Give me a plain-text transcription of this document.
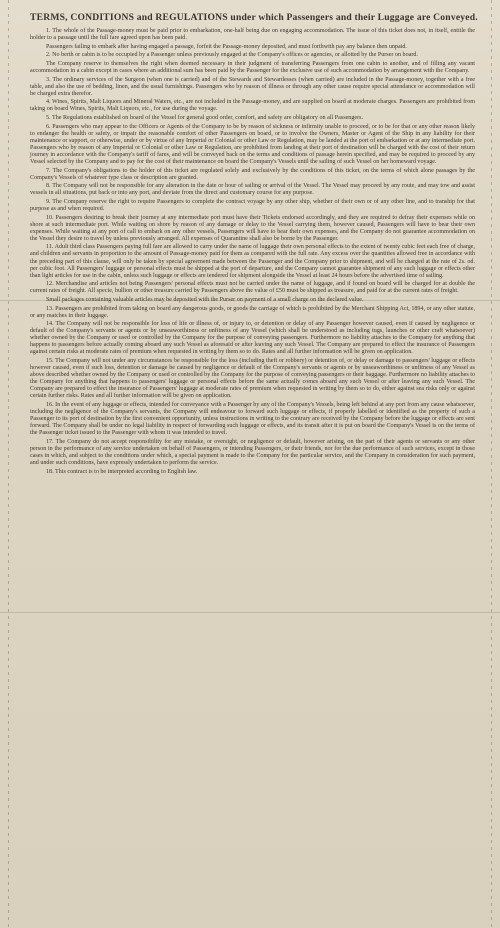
TERMS, CONDITIONS and REGULATIONS under which Passengers and their Luggage are Conveyed.

1. The whole of the Passage-money must be paid prior to embarkation, one-half being due on engaging accommodation. The issue of this ticket does not, in itself, entitle the holder to a passage until the full fare agreed upon has been paid.

Passengers failing to embark after having engaged a passage, forfeit the Passage-money deposited, and must forthwith pay any balance then unpaid.

2. No berth or cabin is to be occupied by a Passenger unless previously engaged at the Company's offices or agencies, or allotted by the Purser on board.

The Company reserve to themselves the right when deemed necessary in their judgment of transferring Passengers from one cabin to another, and of filling any vacant accommodation in a cabin except in cases where an additional sum has been paid by the Passenger for the exclusive use of such accommodation by arrangement with the Company.

3. The ordinary services of the Surgeon (when one is carried) and of the Stewards and Stewardesses (when carried) are included in the Passage-money, together with a free table, and also the use of bedding, linen, and the usual furnishings. Passengers who by reason of illness or through any other cause require special attendance or accommodation will be charged extra therefor.

4. Wines, Spirits, Malt Liquors and Mineral Waters, etc., are not included in the Passage-money, and are supplied on board at moderate charges. Passengers are prohibited from taking on board Wines, Spirits, Malt Liquors, etc., for use during the voyage.

5. The Regulations established on board of the Vessel for general good order, comfort, and safety are obligatory on all Passengers.

6. Passengers who may appear to the Officers or Agents of the Company to be by reason of sickness or infirmity unable to proceed, or to be for that or any other reason likely to endanger the health or safety, or impair the reasonable comfort of other Passengers on board, or to involve the Owners, Master or Agent of the Ship in any liability for their maintenance or support, or otherwise, under or by virtue of any Imperial or Colonial or other Law or Regulation, may be landed at the port of embarkation or at any intermediate port. Passengers who by reason of any Imperial or Colonial or other Law or Regulation, are prohibited from landing at their port of destination will be charged with the cost of their return journey in accordance with the Company's tariff of fares, and will be conveyed back on the terms and conditions of passage herein specified, and may be required to proceed by any Vessel selected by the Company and to pay for the cost of their maintenance on board the Company's Vessels until the sailing of such Vessel on her homeward voyage.

7. The Company's obligations to the holder of this ticket are regulated solely and exclusively by the conditions of this ticket, on the terms of which alone passages by the Company's Vessels of whatever type class or description are granted.

8. The Company will not be responsible for any alteration in the date or hour of sailing or arrival of the Vessel. The Vessel may proceed by any route, and may tow and assist vessels in all situations, put back or into any port, and deviate from the direct and customary course for any purpose.

9. The Company reserve the right to require Passengers to complete the contract voyage by any other ship, whether of their own or of any other line, and to tranship for that purpose as and when required.

10. Passengers desiring to break their journey at any intermediate port must have their Tickets endorsed accordingly, and they are required to defray their expenses while on shore at such intermediate port. While waiting on shore by reason of any damage or delay to the Vessel carrying them, however caused, Passengers will have to bear their own expenses. While waiting at any port of call to embark on any other vessels, Passengers will have to bear their own expenses, and the Company do not guarantee accommodation on the Vessel they desire to travel by unless previously arranged. All expenses of Quarantine shall also be borne by the Passenger.

11. Adult third class Passengers paying full fare are allowed to carry under the name of luggage their own personal effects to the extent of twenty cubic feet each free of charge, and children and servants in proportion to the amount of Passage-money paid for them as compared with the full rate. Any excess over the quantities allowed free in accordance with the preceding part of this clause, will only be taken by special agreement made between the Passenger and the Company prior to shipment, and will be charged at the rate of 2s. od. per cubic foot. All Passengers' luggage or personal effects must be shipped at the port of departure, and the Company cannot guarantee shipment of any such luggage or effects other than light articles for use in the cabin, unless such luggage or effects are tendered for shipment alongside the Vessel at least 24 hours before the advertised time of sailing.

12. Merchandise and articles not being Passengers' personal effects must not be carried under the name of luggage, and if found on board will be charged for at double the current rates of freight. All specie, bullion or other treasure carried by Passengers above the value of £50 must be shipped as treasure, and paid for at the current rates of freight.

Small packages containing valuable articles may be deposited with the Purser on payment of a small charge on the declared value.

13. Passengers are prohibited from taking on board any dangerous goods, or goods the carriage of which is prohibited by the Merchant Shipping Act, 1894, or any other statute, or any matches in their luggage.

14. The Company will not be responsible for loss of life or illness of, or injury to, or detention or delay of any Passenger however caused, even if caused by negligence or default of the Company's servants or agents or by unseaworthiness or unfitness of any Vessel (which shall be understood as including tugs, launches or other craft whatsoever) whether owned by the Company or used or controlled by the Company for the purpose of conveying passengers. Furthermore no liability attaches to the Company for anything that happens to passengers before actually coming aboard any such Vessel as aforesaid or after leaving any such Vessel. The Company are prepared to effect the insurance of Passengers against certain risks at moderate rates of premium when requested in writing by them so to do. Rates and all further information will be given on application.

15. The Company will not under any circumstances be responsible for the loss (including theft or robbery) or detention of, or delay or damage to passengers' luggage or effects however caused, even if such loss, detention or damage be caused by negligence or default of the Company's servants or agents or by unseaworthiness or unfitness of any Vessel as above described whether owned by the Company or used or controlled by the Company for the purpose of conveying passengers or their baggage. Furthermore no liability attaches to the Company for anything that happens to passengers' luggage or personal effects before the same actually comes aboard any such Vessel or after leaving any such Vessel. The Company are prepared to effect the insurance of Passengers' luggage at moderate rates of premium when requested in writing by them so to do, either against sea risks only or against certain further risks. Rates and all further information will be given on application.

16. In the event of any luggage or effects, intended for conveyance with a Passenger by any of the Company's Vessels, being left behind at any port from any cause whatsoever, including the negligence of the Company's servants, the Company will endeavour to forward such luggage or effects, if properly labelled or identified as the property of such a Passenger to its port of destination by the first convenient opportunity, unless instructions in writing to the contrary are received by the Company before the luggage or effects are sent forward. The Company shall be under no legal liability in respect of forwarding such luggage or effects, and its transit after it is put on board the Company's Vessel is on the terms of the Passenger ticket issued to the Passenger with whom it was intended to travel.

17. The Company do not accept responsibility for any mistake, or oversight, or negligence or default, however arising, on the part of their agents or servants or any other person in the performance of any service undertaken on behalf of Passengers, or intending Passengers, or their friends, nor for the due performance of such services, except in those cases in which, and subject to the conditions under which, a special payment is made to the Company for the particular service, and the Company in consideration for such payment, and under such conditions, have expressly undertaken to perform the service.

18. This contract is to be interpreted according to English law.
